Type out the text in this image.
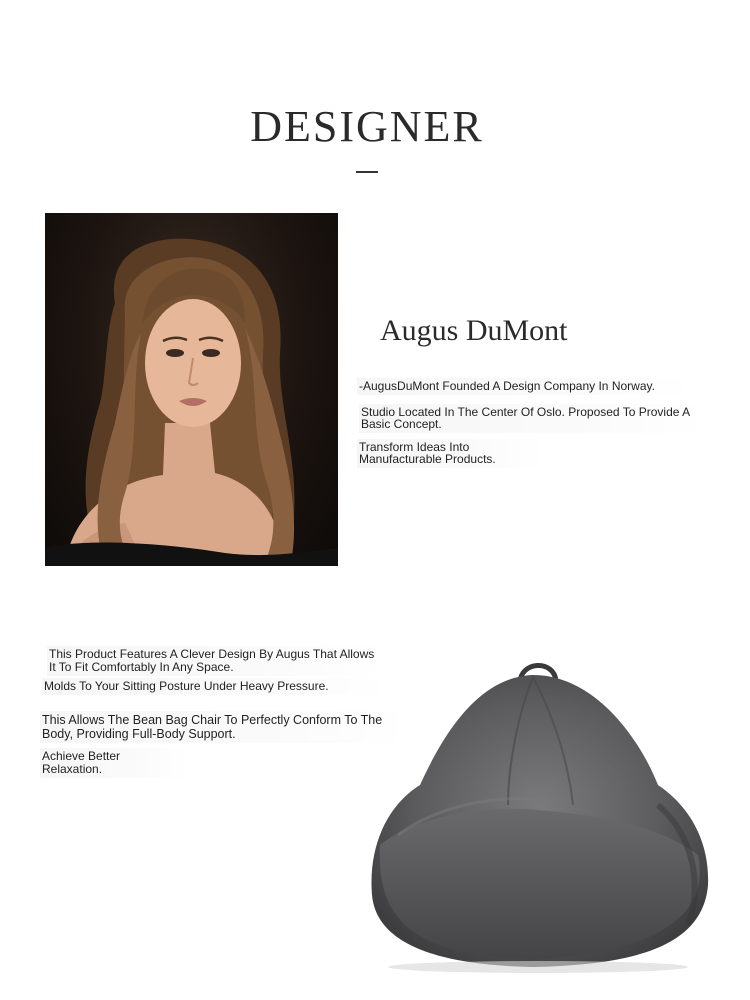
DESIGNER
Augus DuMont
-AugusDuMont Founded A Design Company In Norway.
Studio Located In The Center Of Oslo. Proposed To Provide A Basic Concept.
Transform Ideas Into Manufacturable Products.
This Product Features A Clever Design By Augus That Allows It To Fit Comfortably In Any Space.
Molds To Your Sitting Posture Under Heavy Pressure.
This Allows The Bean Bag Chair To Perfectly Conform To The Body, Providing Full-Body Support.
Achieve Better Relaxation.
